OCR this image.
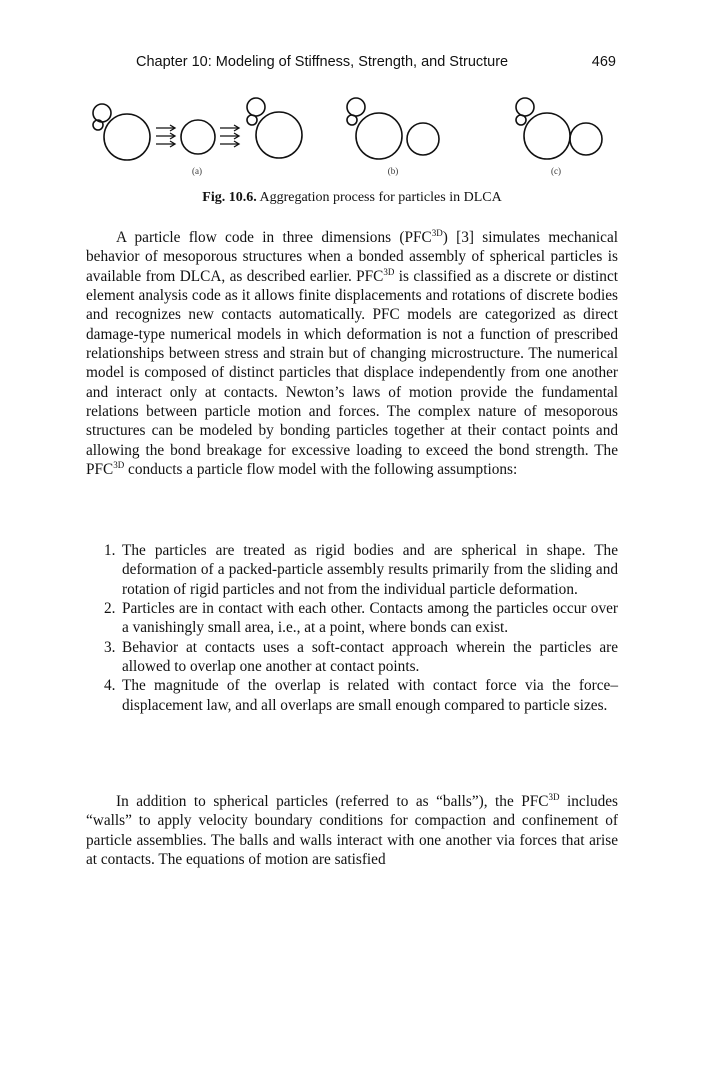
Chapter 10: Modeling of Stiffness, Strength, and Structure	469
(a)	(b)	(c)
Fig. 10.6. Aggregation process for particles in DLCA

A particle flow code in three dimensions $(PFC^{3D})$ [3] simulates mechanical behavior of mesoporous structures when a bonded assembly of spherical particles is available from DLCA, as described earlier. $PFC^{3D}$ is classified as a discrete or distinct element analysis code as it allows finite displacements and rotations of discrete bodies and recognizes new contacts automatically. PFC models are categorized as direct damage-type numerical models in which deformation is not a function of prescribed relationships between stress and strain but of changing microstructure. The numerical model is composed of distinct particles that displace independently from one another and interact only at contacts. Newton’s laws of motion provide the fundamental relations between particle motion and forces. The complex nature of mesoporous structures can be modeled by bonding particles together at their contact points and allowing the bond breakage for excessive loading to exceed the bond strength. The $PFC^{3D}$ conducts a particle flow model with the following assumptions:

1. The particles are treated as rigid bodies and are spherical in shape. The deformation of a packed-particle assembly results primarily from the sliding and rotation of rigid particles and not from the individual particle deformation.
2. Particles are in contact with each other. Contacts among the particles occur over a vanishingly small area, i.e., at a point, where bonds can exist.
3. Behavior at contacts uses a soft-contact approach wherein the particles are allowed to overlap one another at contact points.
4. The magnitude of the overlap is related with contact force via the force–displacement law, and all overlaps are small enough compared to particle sizes.

In addition to spherical particles (referred to as “balls”), the $PFC^{3D}$ includes “walls” to apply velocity boundary conditions for compaction and confinement of particle assemblies. The balls and walls interact with one another via forces that arise at contacts. The equations of motion are satisfied
